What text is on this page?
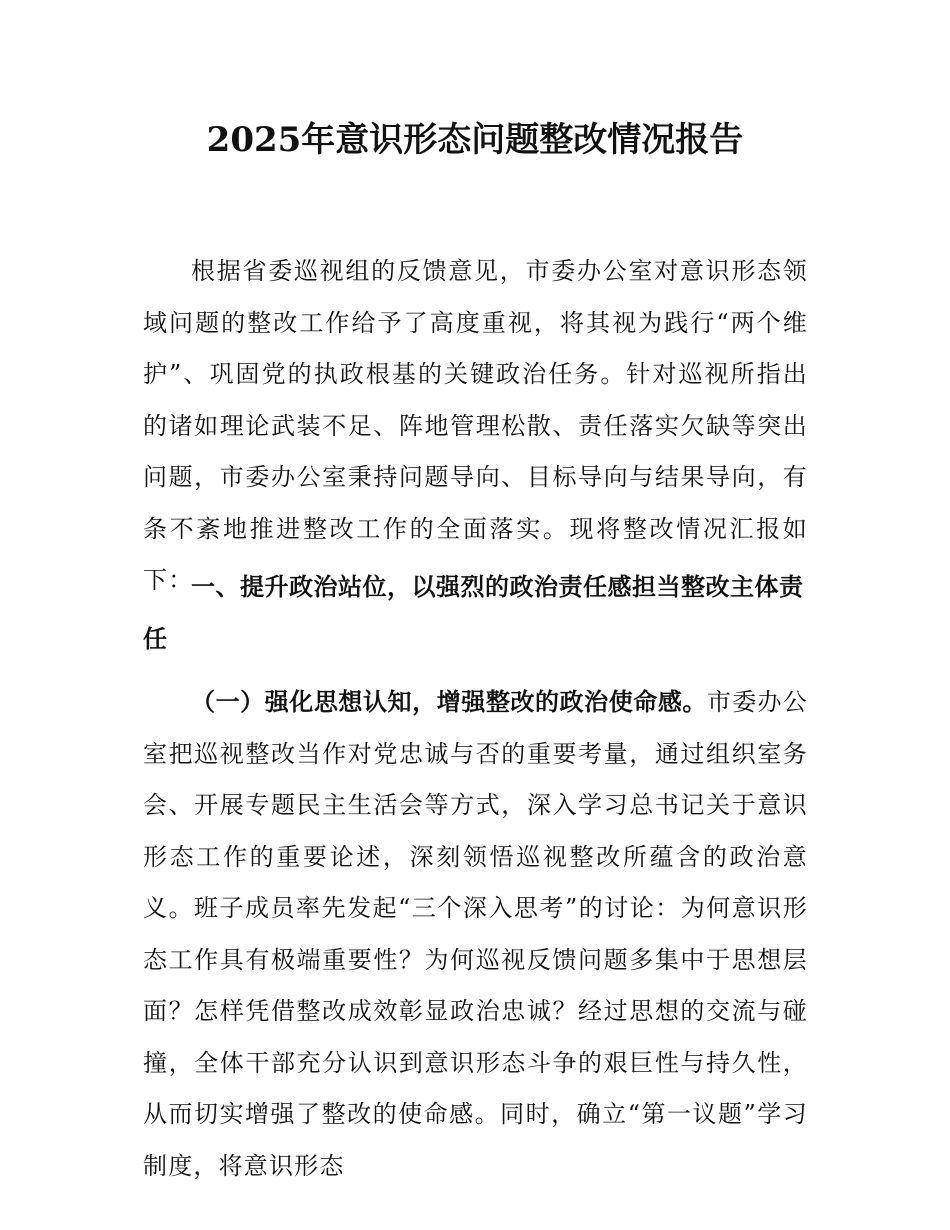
2025年意识形态问题整改情况报告

根据省委巡视组的反馈意见，市委办公室对意识形态领域问题的整改工作给予了高度重视，将其视为践行“两个维护”、巩固党的执政根基的关键政治任务。针对巡视所指出的诸如理论武装不足、阵地管理松散、责任落实欠缺等突出问题，市委办公室秉持问题导向、目标导向与结果导向，有条不紊地推进整改工作的全面落实。现将整改情况汇报如下：

一、提升政治站位，以强烈的政治责任感担当整改主体责任

（一）强化思想认知，增强整改的政治使命感。市委办公室把巡视整改当作对党忠诚与否的重要考量，通过组织室务会、开展专题民主生活会等方式，深入学习总书记关于意识形态工作的重要论述，深刻领悟巡视整改所蕴含的政治意义。班子成员率先发起“三个深入思考”的讨论：为何意识形态工作具有极端重要性？为何巡视反馈问题多集中于思想层面？怎样凭借整改成效彰显政治忠诚？经过思想的交流与碰撞，全体干部充分认识到意识形态斗争的艰巨性与持久性，从而切实增强了整改的使命感。同时，确立“第一议题”学习制度，将意识形态
